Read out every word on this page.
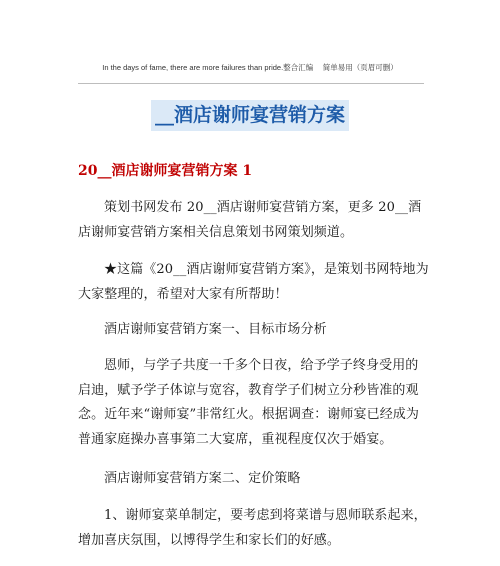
In the days of fame, there are more failures than pride.整合汇编　 简单易用（页眉可删）
__酒店谢师宴营销方案
20__酒店谢师宴营销方案 1
策划书网发布 20__酒店谢师宴营销方案，更多 20__酒店谢师宴营销方案相关信息策划书网策划频道。
★这篇《20__酒店谢师宴营销方案》，是策划书网特地为大家整理的，希望对大家有所帮助！
酒店谢师宴营销方案一、目标市场分析
恩师，与学子共度一千多个日夜，给予学子终身受用的启迪，赋予学子体谅与宽容，教育学子们树立分秒皆准的观念。近年来“谢师宴”非常红火。根据调查：谢师宴已经成为普通家庭操办喜事第二大宴席，重视程度仅次于婚宴。
酒店谢师宴营销方案二、定价策略
1、谢师宴菜单制定，要考虑到将菜谱与恩师联系起来，增加喜庆氛围，以博得学生和家长们的好感。
